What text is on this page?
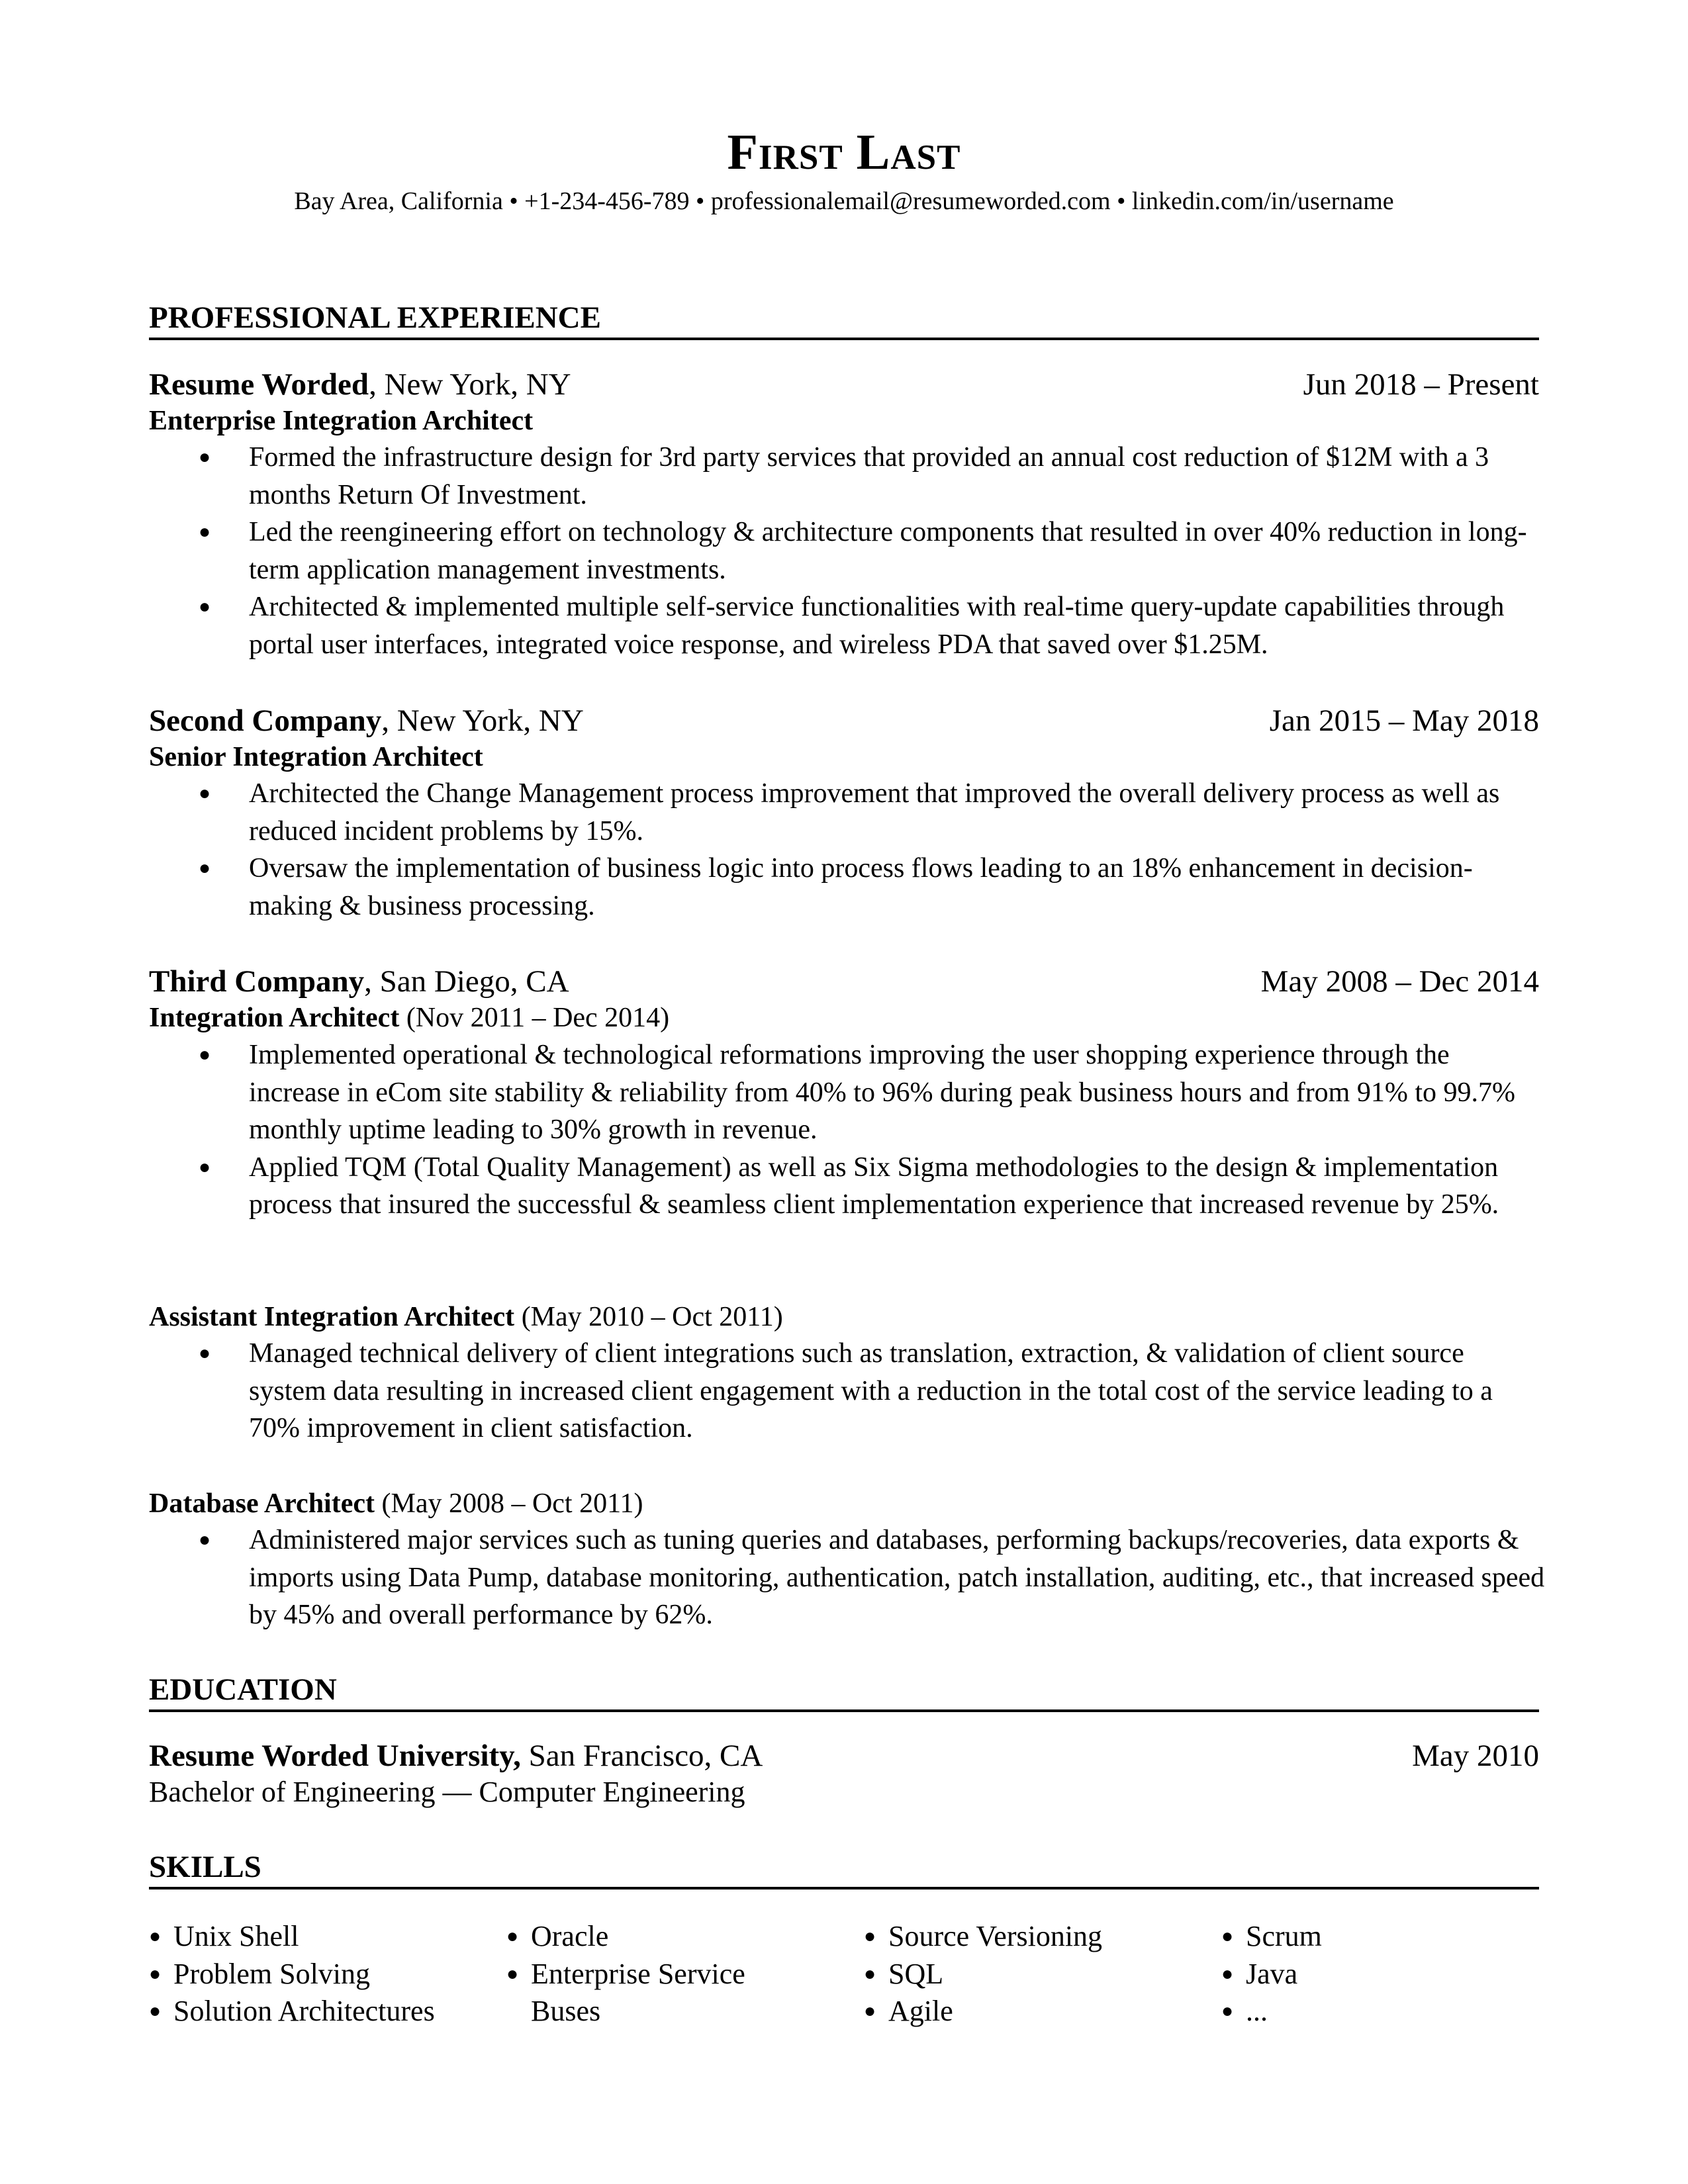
First Last
Bay Area, California • +1-234-456-789 • professionalemail@resumeworded.com • linkedin.com/in/username
PROFESSIONAL EXPERIENCE
Resume Worded, New York, NY	Jun 2018 – Present
Enterprise Integration Architect
● Formed the infrastructure design for 3rd party services that provided an annual cost reduction of $12M with a 3 months Return Of Investment.
● Led the reengineering effort on technology & architecture components that resulted in over 40% reduction in long-term application management investments.
● Architected & implemented multiple self-service functionalities with real-time query-update capabilities through portal user interfaces, integrated voice response, and wireless PDA that saved over $1.25M.
Second Company, New York, NY	Jan 2015 – May 2018
Senior Integration Architect
● Architected the Change Management process improvement that improved the overall delivery process as well as reduced incident problems by 15%.
● Oversaw the implementation of business logic into process flows leading to an 18% enhancement in decision-making & business processing.
Third Company, San Diego, CA	May 2008 – Dec 2014
Integration Architect (Nov 2011 – Dec 2014)
● Implemented operational & technological reformations improving the user shopping experience through the increase in eCom site stability & reliability from 40% to 96% during peak business hours and from 91% to 99.7% monthly uptime leading to 30% growth in revenue.
● Applied TQM (Total Quality Management) as well as Six Sigma methodologies to the design & implementation process that insured the successful & seamless client implementation experience that increased revenue by 25%.
Assistant Integration Architect (May 2010 – Oct 2011)
● Managed technical delivery of client integrations such as translation, extraction, & validation of client source system data resulting in increased client engagement with a reduction in the total cost of the service leading to a 70% improvement in client satisfaction.
Database Architect (May 2008 – Oct 2011)
● Administered major services such as tuning queries and databases, performing backups/recoveries, data exports & imports using Data Pump, database monitoring, authentication, patch installation, auditing, etc., that increased speed by 45% and overall performance by 62%.
EDUCATION
Resume Worded University, San Francisco, CA	May 2010
Bachelor of Engineering — Computer Engineering
SKILLS
● Unix Shell
● Problem Solving
● Solution Architectures
● Oracle
● Enterprise Service Buses
● Source Versioning
● SQL
● Agile
● Scrum
● Java
● ...
